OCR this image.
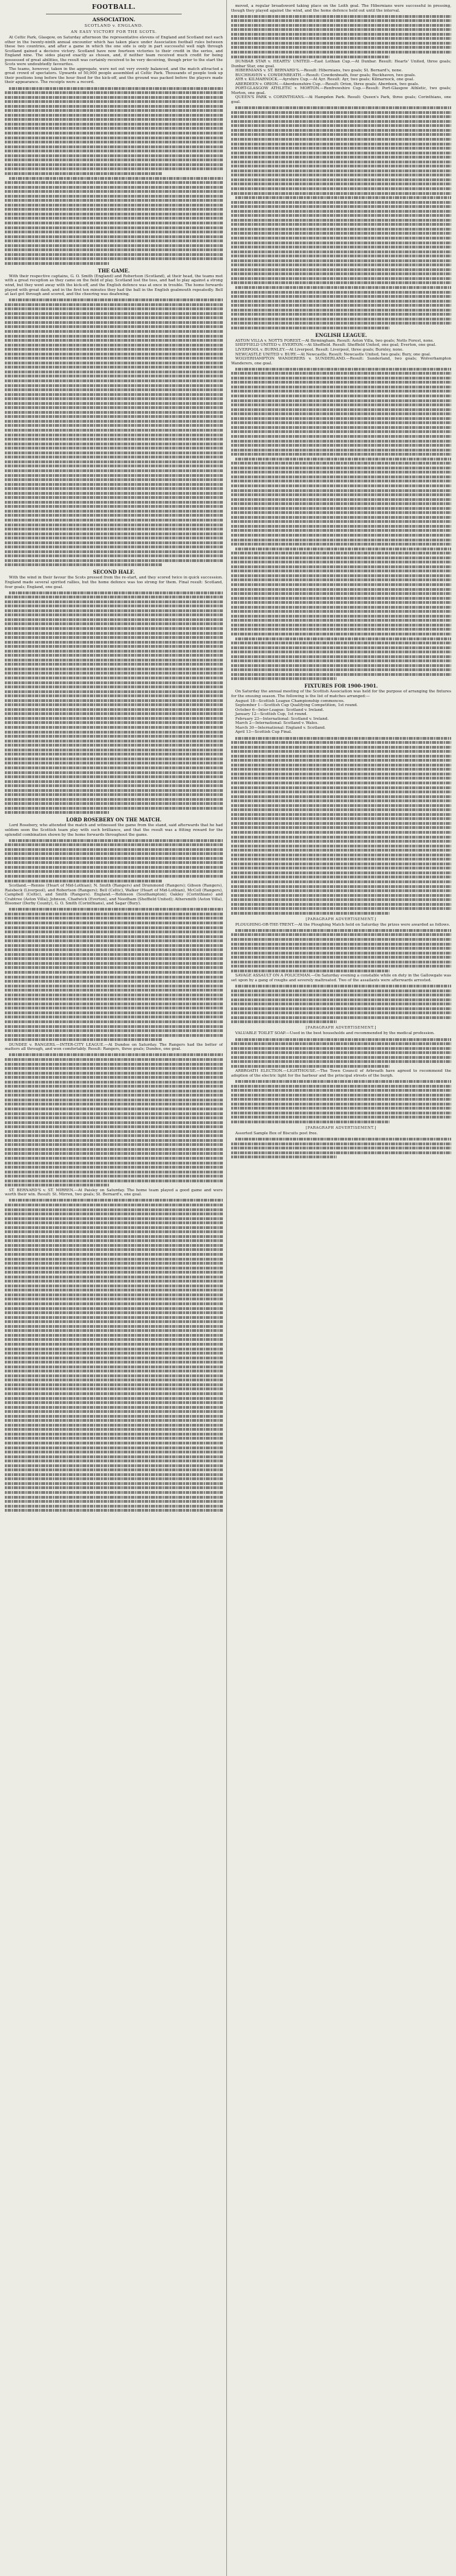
FOOTBALL.
ASSOCIATION.
SCOTLAND v. ENGLAND.
AN EASY VICTORY FOR THE SCOTS.

At Celtic Park, Glasgow, on Saturday afternoon the representative elevens of England and Scotland met each other in the twenty-ninth annual encounter which has taken place under Association football rules between these two countries, and after a game in which the one side is only in part successful well nigh through Scotland gained a decisive victory. Scotland have now fourteen victories to their credit in the series, and England nine. The sides played exactly as chosen, and, if neither team received much credit for being possessed of great abilities, the result was certainly received to be very deceiving, though prior to the start the Scots were undoubtedly favourites.

The teams, however, taken in the aggregate, were not out very evenly balanced, and the match attracted a great crowd of spectators. Upwards of 50,000 people assembled at Celtic Park. Thousands of people took up their positions long before the hour fixed for the kick-off, and the ground was packed before the players made their appearance. The receipts were a record.

THE GAME.

With their respective captains, G. O. Smith (England) and Robertson (Scotland), at their head, the teams met with a great reception as they came on the field of play. Scotland lost the toss, and had to play against a strong wind, but they went away with the kick-off, and the English defence was at once in trouble. The home forwards played with great dash, and in the first ten minutes they had the ball in the English goalmouth repeatedly. Bell at last got through and scored, and the cheering was deafening.

SECOND HALF.

With the wind in their favour the Scots pressed from the re-start, and they scored twice in quick succession. England made several spirited rallies, but the home defence was too strong for them. Final result: Scotland, four goals; England, one goal.

LORD ROSEBERY ON THE MATCH.

Lord Rosebery, who attended the match and witnessed the game from the stand, said afterwards that he had seldom seen the Scottish team play with such brilliance, and that the result was a fitting reward for the splendid combination shown by the home forwards throughout the game.

Scotland.—Rennie (Heart of Mid-Lothian); N. Smith (Rangers) and Drummond (Rangers); Gibson (Rangers), Raisbeck (Liverpool), and Robertson (Rangers); Bell (Celtic), Walker (Heart of Mid-Lothian), McColl (Rangers), Campbell (Celtic), and Smith (Rangers). England.—Robinson (Southampton); Oakley (Corinthians) and Crabtree (Aston Villa); Johnson, Chadwick (Everton), and Needham (Sheffield United); Athersmith (Aston Villa), Bloomer (Derby County), G. O. Smith (Corinthians), and Sagar (Bury).

DUNDEE v. RANGERS.—INTER-CITY LEAGUE.—At Dundee on Saturday. The Rangers had the better of matters all through, and won comfortably. Result: Rangers, three goals; Dundee, one goal.

ST. BERNARD'S v. ST. MIRREN.—At Paisley on Saturday. The home team played a good game and were worth their win. Result: St. Mirren, two goals; St. Bernard's, one goal.

moved, a regular broadsword taking place on the Leith goal. The Hibernians were successful in pressing, though they played against the wind, and the home defence held out until the interval.

DUNBAR STAR v. HEARTS' UNITED.—East Lothian Cup.—At Dunbar. Result: Hearts' United, three goals; Dunbar Star, one goal.

HIBERNIANS v. ST. BERNARD'S.—Result: Hibernians, two goals; St. Bernard's, none.

BUCHHAVEN v. COWDENBEATH.—Result: Cowdenbeath, four goals; Buckhaven, two goals.

AYR v. KILMARNOCK.—Ayrshire Cup.—At Ayr. Result: Ayr, two goals; Kilmarnock, one goal.

ABERDEEN v. ORION.—Aberdeenshire Cup.—Result: Orion, three goals; Aberdeen, two goals.

PORT-GLASGOW ATHLETIC v. MORTON.—Renfrewshire Cup.—Result: Port-Glasgow Athletic, two goals; Morton, one goal.

QUEEN'S PARK v. CORINTHIANS.—At Hampden Park. Result: Queen's Park, three goals; Corinthians, one goal.

ENGLISH LEAGUE.

ASTON VILLA v. NOTTS FOREST.—At Birmingham. Result: Aston Villa, two goals; Notts Forest, none.

SHEFFIELD UNITED v. EVERTON.—At Sheffield. Result: Sheffield United, one goal; Everton, one goal.

LIVERPOOL v. BURNLEY.—At Liverpool. Result: Liverpool, three goals; Burnley, none.

NEWCASTLE UNITED v. BURY.—At Newcastle. Result: Newcastle United, two goals; Bury, one goal.

WOLVERHAMPTON WANDERERS v. SUNDERLAND.—Result: Sunderland, two goals; Wolverhampton Wanderers, one goal.

FIXTURES FOR 1900-1901.

On Saturday the annual meeting of the Scottish Association was held for the purpose of arranging the fixtures for the ensuing season. The following is the list of matches arranged:—

August 18—Scottish League Championship commences.

September 1—Scottish Cup Qualifying Competition, 1st round.

October 6—Inter-League: Scotland v. Ireland.

January 12—Scottish Cup, 1st round.

February 23—International: Scotland v. Ireland.

March 2—International: Scotland v. Wales.

March 30—International: England v. Scotland.

April 13—Scottish Cup Final.

[PARAGRAPH ADVERTISEMENT.]

PLOUGHING-OR-THE-TRENT.—At the Ploughing Match held on Saturday the prizes were awarded as follows.

SAVAGE ASSAULT ON A POLICEMAN.—On Saturday evening a constable while on duty in the Gallowgate was set upon by a gang of roughs and severely maltreated. Two of the assailants were afterwards arrested.

[PARAGRAPH ADVERTISEMENT.]

VALUABLE TOILET SOAP.—Used in the best households and recommended by the medical profession.

ARBROATH ELECTION.—LIGHTHOUSE.—The Town Council of Arbroath have agreed to recommend the adoption of the electric light for the harbour and the principal streets of the burgh.

[PARAGRAPH ADVERTISEMENT.]

Assorted Sample Box of Biscuits post free.
